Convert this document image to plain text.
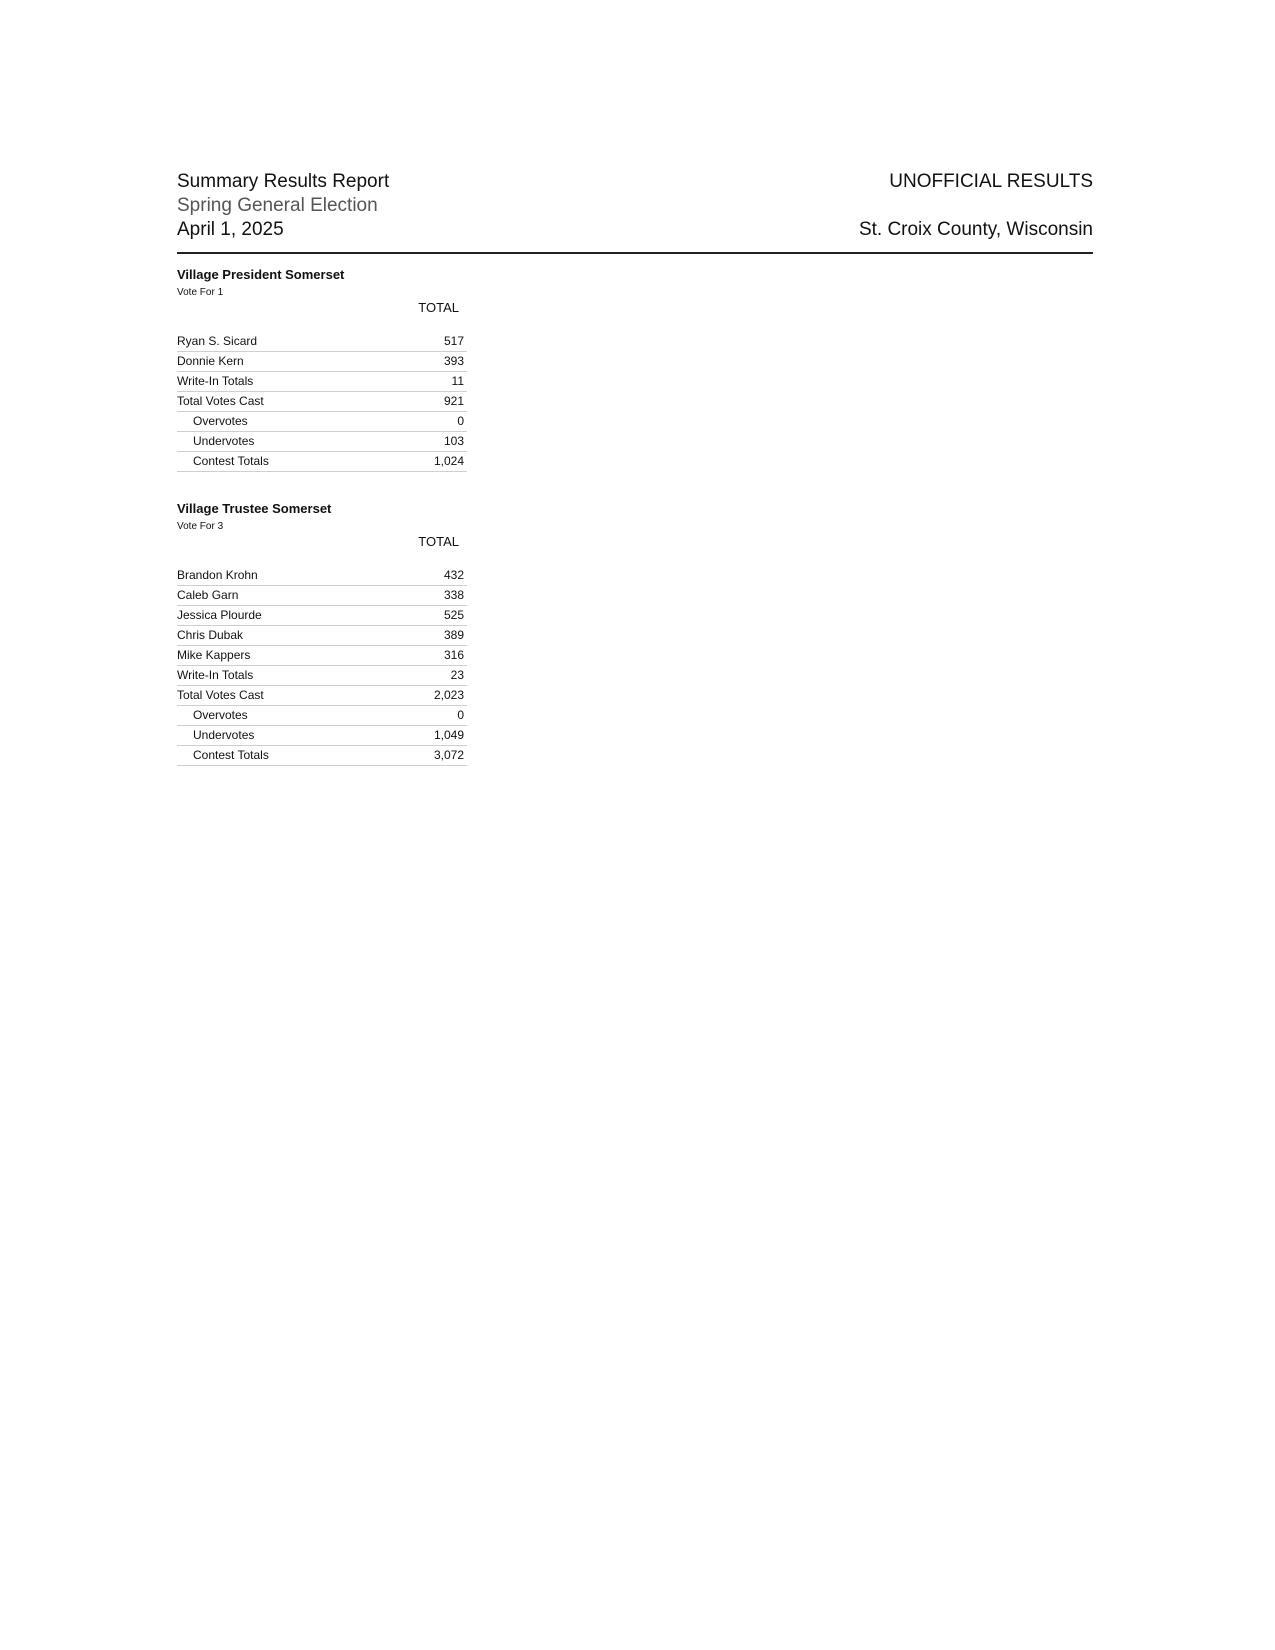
Summary Results Report
Spring General Election
April 1, 2025
UNOFFICIAL RESULTS
St. Croix County, Wisconsin
Village President Somerset
Vote For 1
TOTAL
Ryan S. Sicard	517
Donnie Kern	393
Write-In Totals	11
Total Votes Cast	921
Overvotes	0
Undervotes	103
Contest Totals	1,024
Village Trustee Somerset
Vote For 3
TOTAL
Brandon Krohn	432
Caleb Garn	338
Jessica Plourde	525
Chris Dubak	389
Mike Kappers	316
Write-In Totals	23
Total Votes Cast	2,023
Overvotes	0
Undervotes	1,049
Contest Totals	3,072
